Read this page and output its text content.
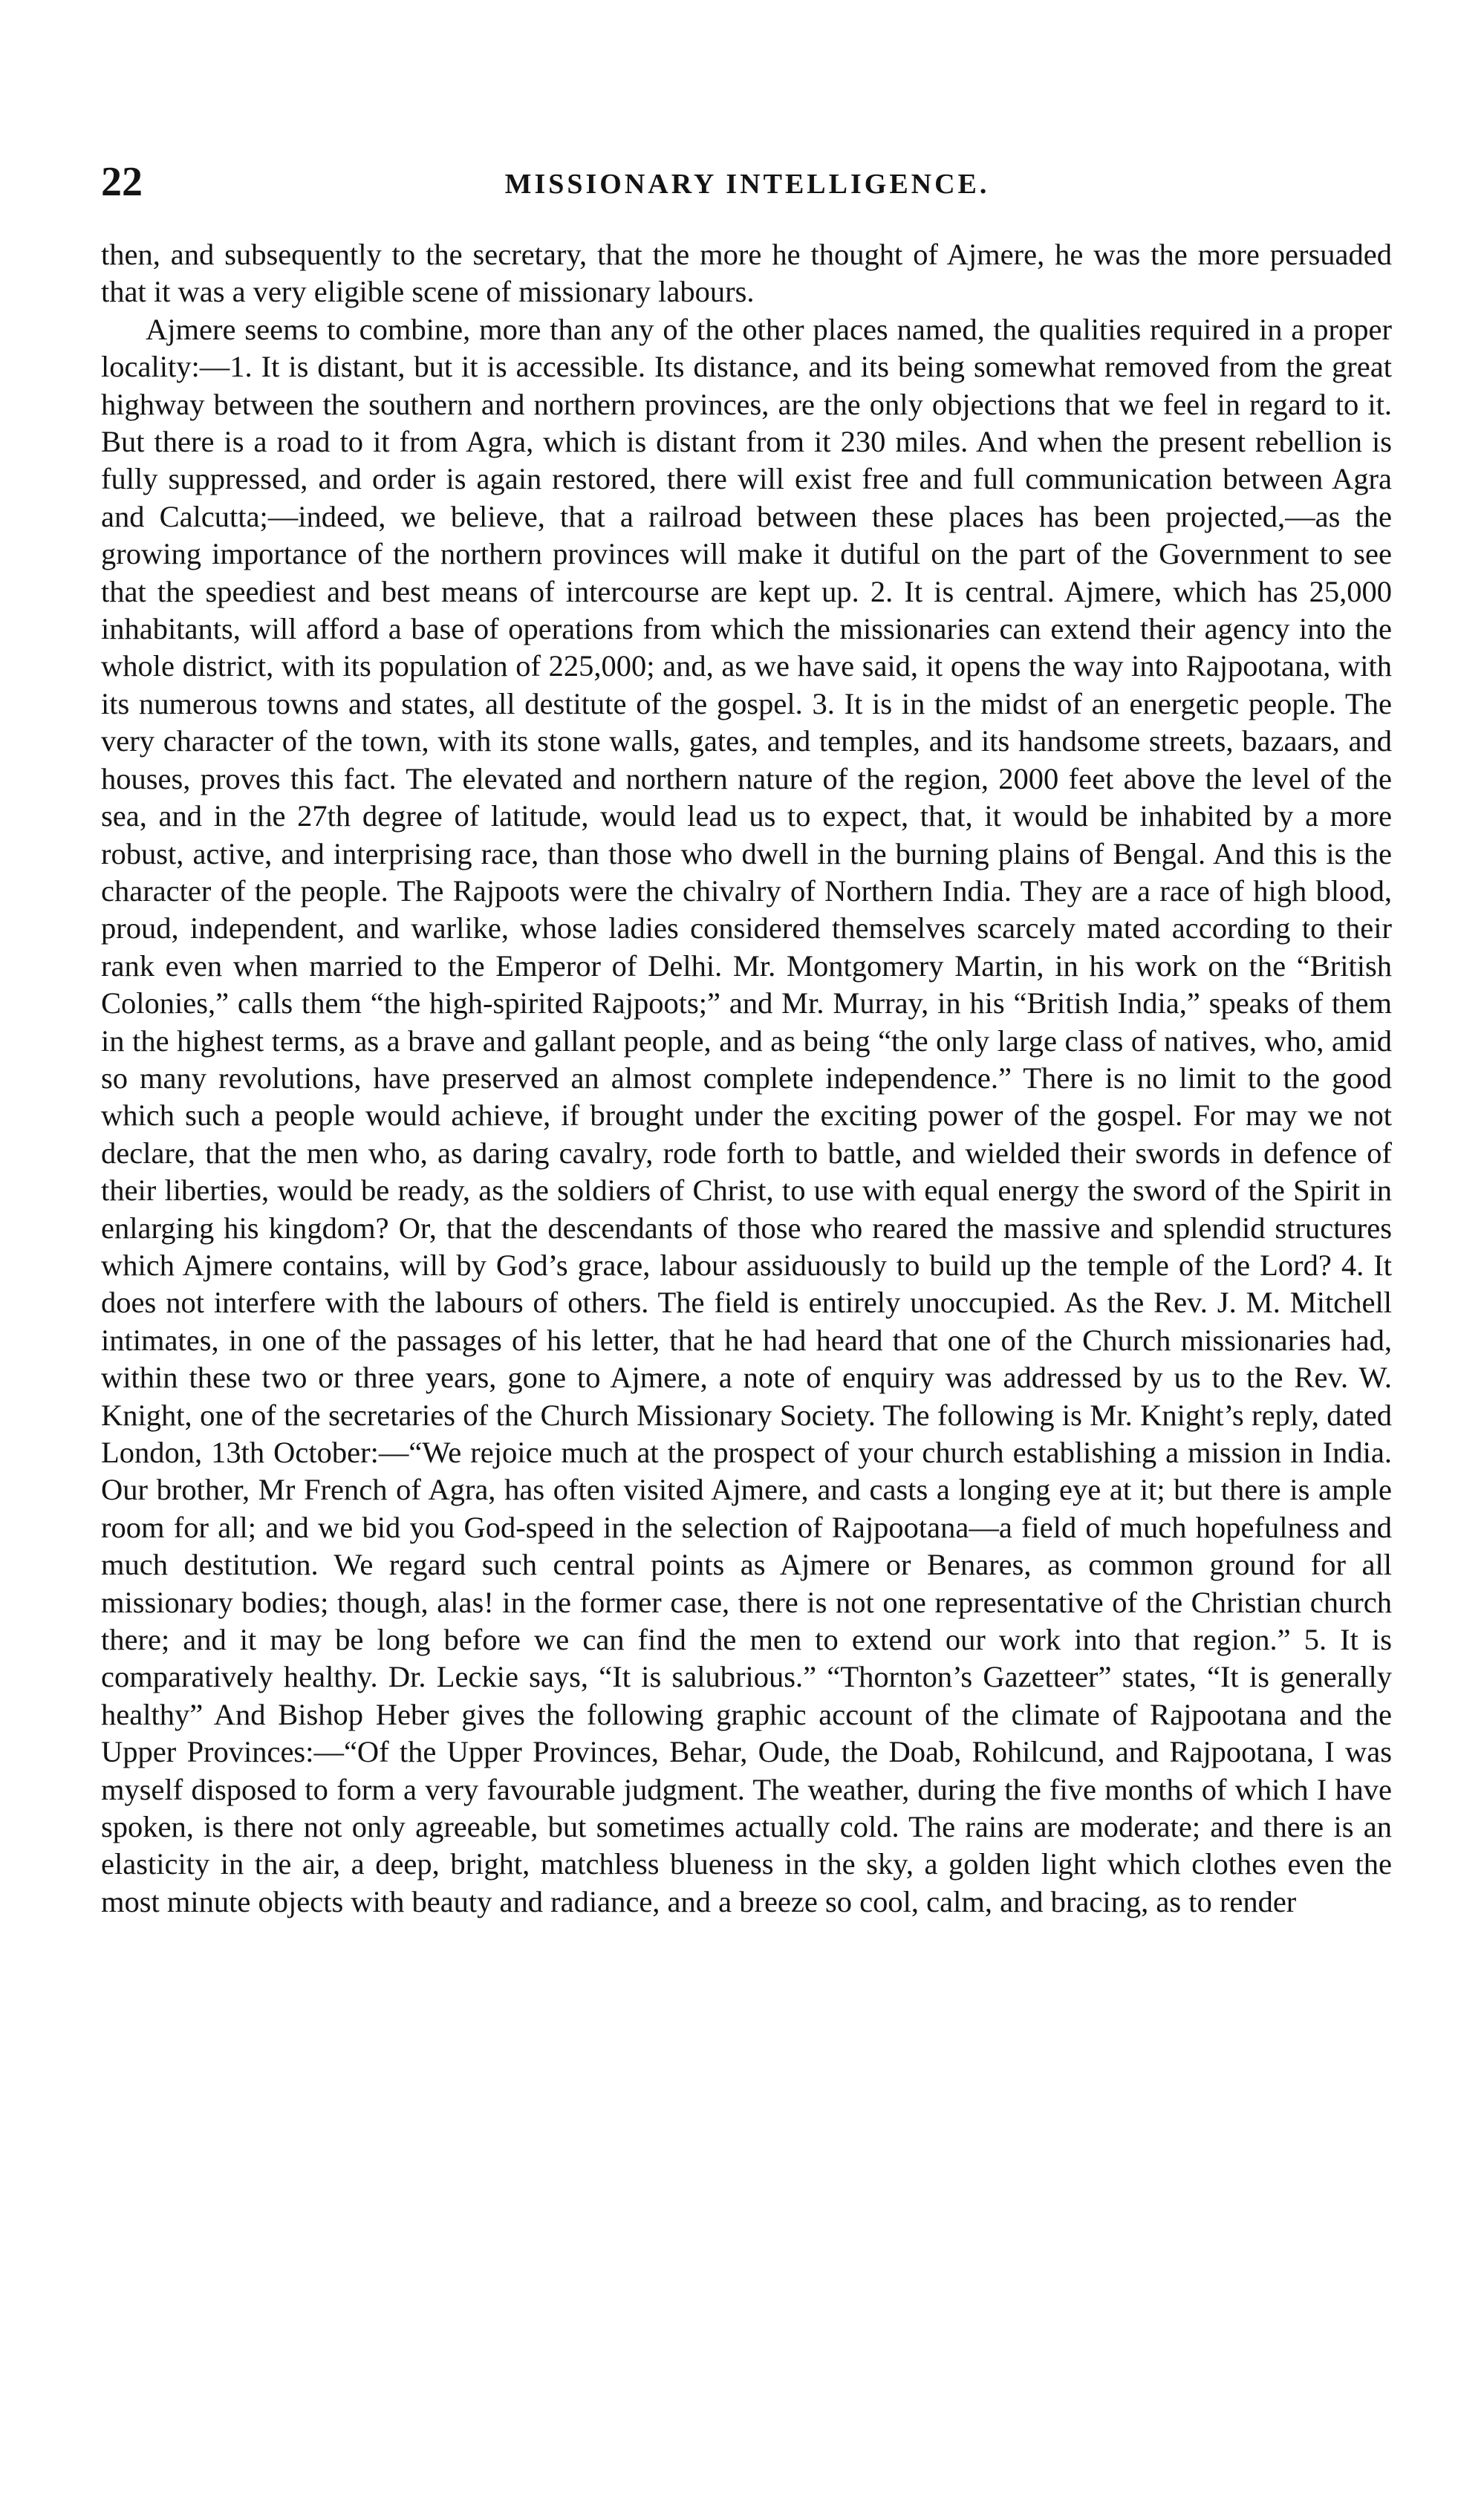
22	MISSIONARY INTELLIGENCE.

then, and subsequently to the secretary, that the more he thought of Ajmere, he was the more persuaded that it was a very eligible scene of missionary labours.

Ajmere seems to combine, more than any of the other places named, the qualities required in a proper locality:—1. It is distant, but it is accessible. Its distance, and its being somewhat removed from the great highway between the southern and northern provinces, are the only objections that we feel in regard to it. But there is a road to it from Agra, which is distant from it 230 miles. And when the present rebellion is fully suppressed, and order is again restored, there will exist free and full communication between Agra and Calcutta;—indeed, we believe, that a railroad between these places has been projected,—as the growing importance of the northern provinces will make it dutiful on the part of the Government to see that the speediest and best means of intercourse are kept up. 2. It is central. Ajmere, which has 25,000 inhabitants, will afford a base of operations from which the missionaries can extend their agency into the whole district, with its population of 225,000; and, as we have said, it opens the way into Rajpootana, with its numerous towns and states, all destitute of the gospel. 3. It is in the midst of an energetic people. The very character of the town, with its stone walls, gates, and temples, and its handsome streets, bazaars, and houses, proves this fact. The elevated and northern nature of the region, 2000 feet above the level of the sea, and in the 27th degree of latitude, would lead us to expect, that, it would be inhabited by a more robust, active, and interprising race, than those who dwell in the burning plains of Bengal. And this is the character of the people. The Rajpoots were the chivalry of Northern India. They are a race of high blood, proud, independent, and warlike, whose ladies considered themselves scarcely mated according to their rank even when married to the Emperor of Delhi. Mr. Montgomery Martin, in his work on the “British Colonies,” calls them “the high-spirited Rajpoots;” and Mr. Murray, in his “British India,” speaks of them in the highest terms, as a brave and gallant people, and as being “the only large class of natives, who, amid so many revolutions, have preserved an almost complete independence.” There is no limit to the good which such a people would achieve, if brought under the exciting power of the gospel. For may we not declare, that the men who, as daring cavalry, rode forth to battle, and wielded their swords in defence of their liberties, would be ready, as the soldiers of Christ, to use with equal energy the sword of the Spirit in enlarging his kingdom? Or, that the descendants of those who reared the massive and splendid structures which Ajmere contains, will by God’s grace, labour assiduously to build up the temple of the Lord? 4. It does not interfere with the labours of others. The field is entirely unoccupied. As the Rev. J. M. Mitchell intimates, in one of the passages of his letter, that he had heard that one of the Church missionaries had, within these two or three years, gone to Ajmere, a note of enquiry was addressed by us to the Rev. W. Knight, one of the secretaries of the Church Missionary Society. The following is Mr. Knight’s reply, dated London, 13th October:—“We rejoice much at the prospect of your church establishing a mission in India. Our brother, Mr French of Agra, has often visited Ajmere, and casts a longing eye at it; but there is ample room for all; and we bid you God-speed in the selection of Rajpootana—a field of much hopefulness and much destitution. We regard such central points as Ajmere or Benares, as common ground for all missionary bodies; though, alas! in the former case, there is not one representative of the Christian church there; and it may be long before we can find the men to extend our work into that region.” 5. It is comparatively healthy. Dr. Leckie says, “It is salubrious.” “Thornton’s Gazetteer” states, “It is generally healthy” And Bishop Heber gives the following graphic account of the climate of Rajpootana and the Upper Provinces:—“Of the Upper Provinces, Behar, Oude, the Doab, Rohilcund, and Rajpootana, I was myself disposed to form a very favourable judgment. The weather, during the five months of which I have spoken, is there not only agreeable, but sometimes actually cold. The rains are moderate; and there is an elasticity in the air, a deep, bright, matchless blueness in the sky, a golden light which clothes even the most minute objects with beauty and radiance, and a breeze so cool, calm, and bracing, as to render
